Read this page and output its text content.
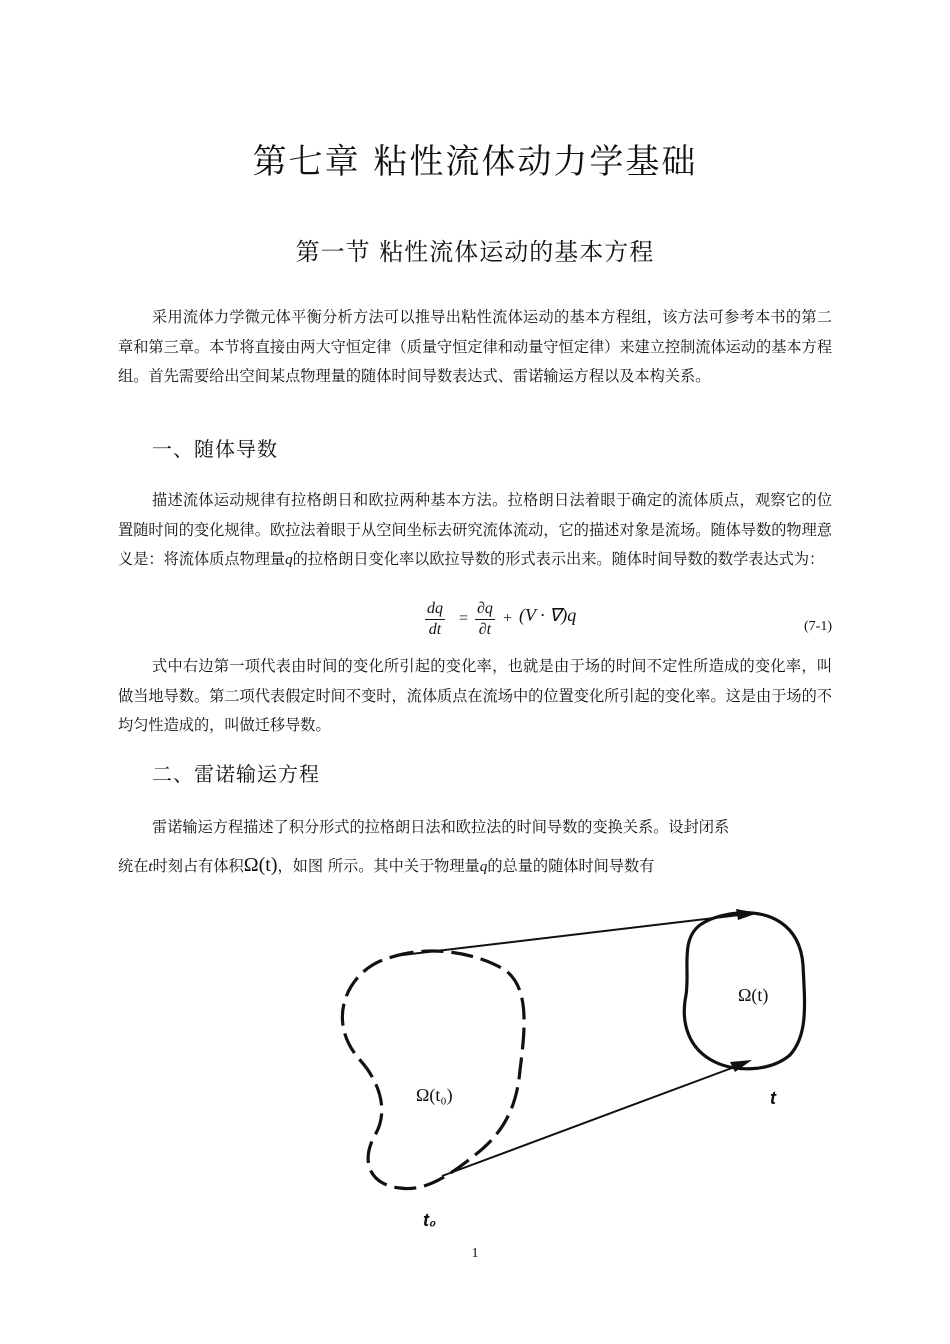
第七章 粘性流体动力学基础
第一节 粘性流体运动的基本方程

采用流体力学微元体平衡分析方法可以推导出粘性流体运动的基本方程组，该方法可参考本书的第二章和第三章。本节将直接由两大守恒定律（质量守恒定律和动量守恒定律）来建立控制流体运动的基本方程组。首先需要给出空间某点物理量的随体时间导数表达式、雷诺输运方程以及本构关系。

一、随体导数

描述流体运动规律有拉格朗日和欧拉两种基本方法。拉格朗日法着眼于确定的流体质点，观察它的位置随时间的变化规律。欧拉法着眼于从空间坐标去研究流体流动，它的描述对象是流场。随体导数的物理意义是：将流体质点物理量q的拉格朗日变化率以欧拉导数的形式表示出来。随体时间导数的数学表达式为：

$\frac{dq}{dt} = \frac{\partial q}{\partial t} + (V \cdot \nabla)q$
(7-1)

式中右边第一项代表由时间的变化所引起的变化率，也就是由于场的时间不定性所造成的变化率，叫做当地导数。第二项代表假定时间不变时，流体质点在流场中的位置变化所引起的变化率。这是由于场的不均匀性造成的，叫做迁移导数。

二、雷诺输运方程

雷诺输运方程描述了积分形式的拉格朗日法和欧拉法的时间导数的变换关系。设封闭系

统在t时刻占有体积Ω(t)，如图 所示。其中关于物理量q的总量的随体时间导数有

Ω(t)
Ω(t₀)	t
t₀
1
